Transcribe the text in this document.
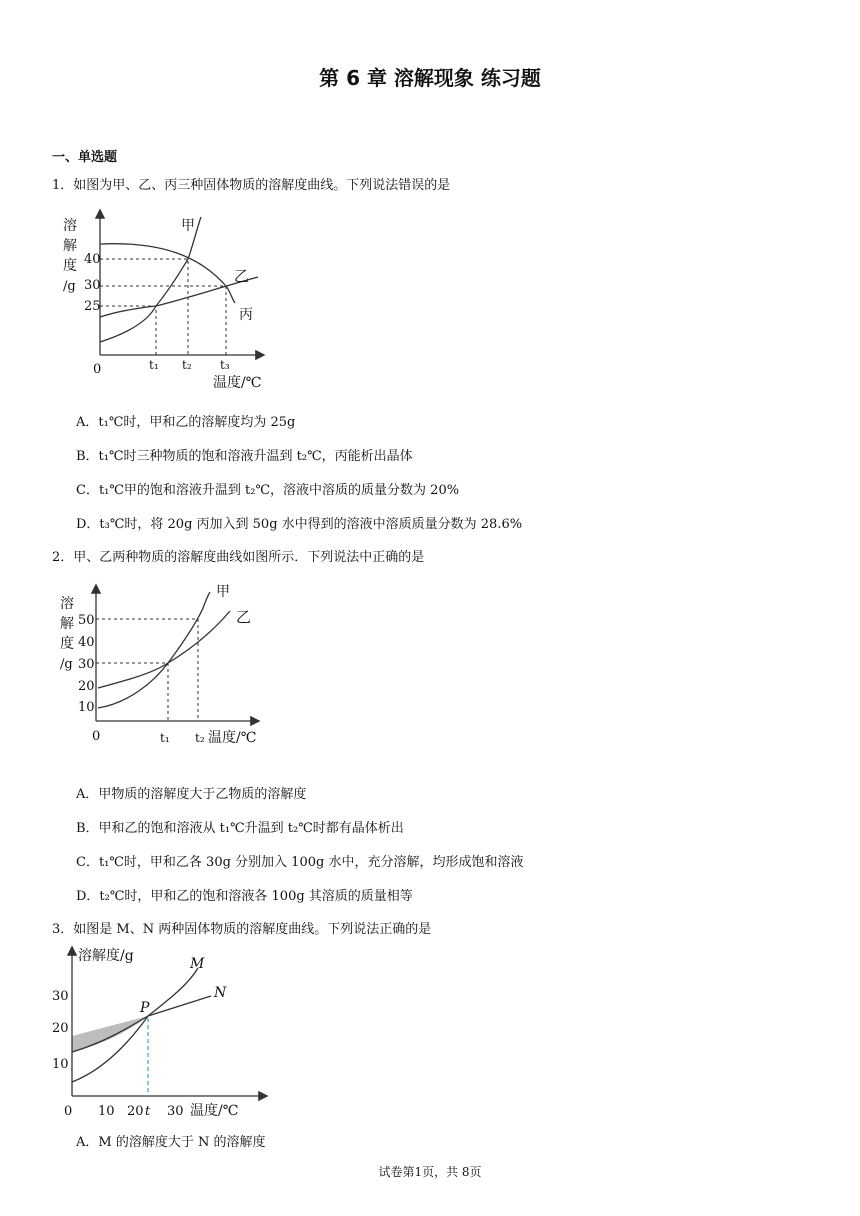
第 6 章 溶解现象 练习题
一、单选题
1．如图为甲、乙、丙三种固体物质的溶解度曲线。下列说法错误的是
溶
解
度
/g
40
30
25
0	t₁ t₂ t₃
温度/℃
甲
乙
丙
A．t₁℃时，甲和乙的溶解度均为 25g
B．t₁℃时三种物质的饱和溶液升温到 t₂℃，丙能析出晶体
C．t₁℃甲的饱和溶液升温到 t₂℃，溶液中溶质的质量分数为 20%
D．t₃℃时，将 20g 丙加入到 50g 水中得到的溶液中溶质质量分数为 28.6%
2．甲、乙两种物质的溶解度曲线如图所示．下列说法中正确的是
溶
解
度
/g
50
40
30
20
10
0	t₁ t₂ 温度/℃
甲
乙
A．甲物质的溶解度大于乙物质的溶解度
B．甲和乙的饱和溶液从 t₁℃升温到 t₂℃时都有晶体析出
C．t₁℃时，甲和乙各 30g 分别加入 100g 水中，充分溶解，均形成饱和溶液
D．t₂℃时，甲和乙的饱和溶液各 100g 其溶质的质量相等
3．如图是 M、N 两种固体物质的溶解度曲线。下列说法正确的是
溶解度/g
30
20
10
0 10 20 t 30 温度/℃
M
N
P
A．M 的溶解度大于 N 的溶解度
试卷第1页，共 8页
